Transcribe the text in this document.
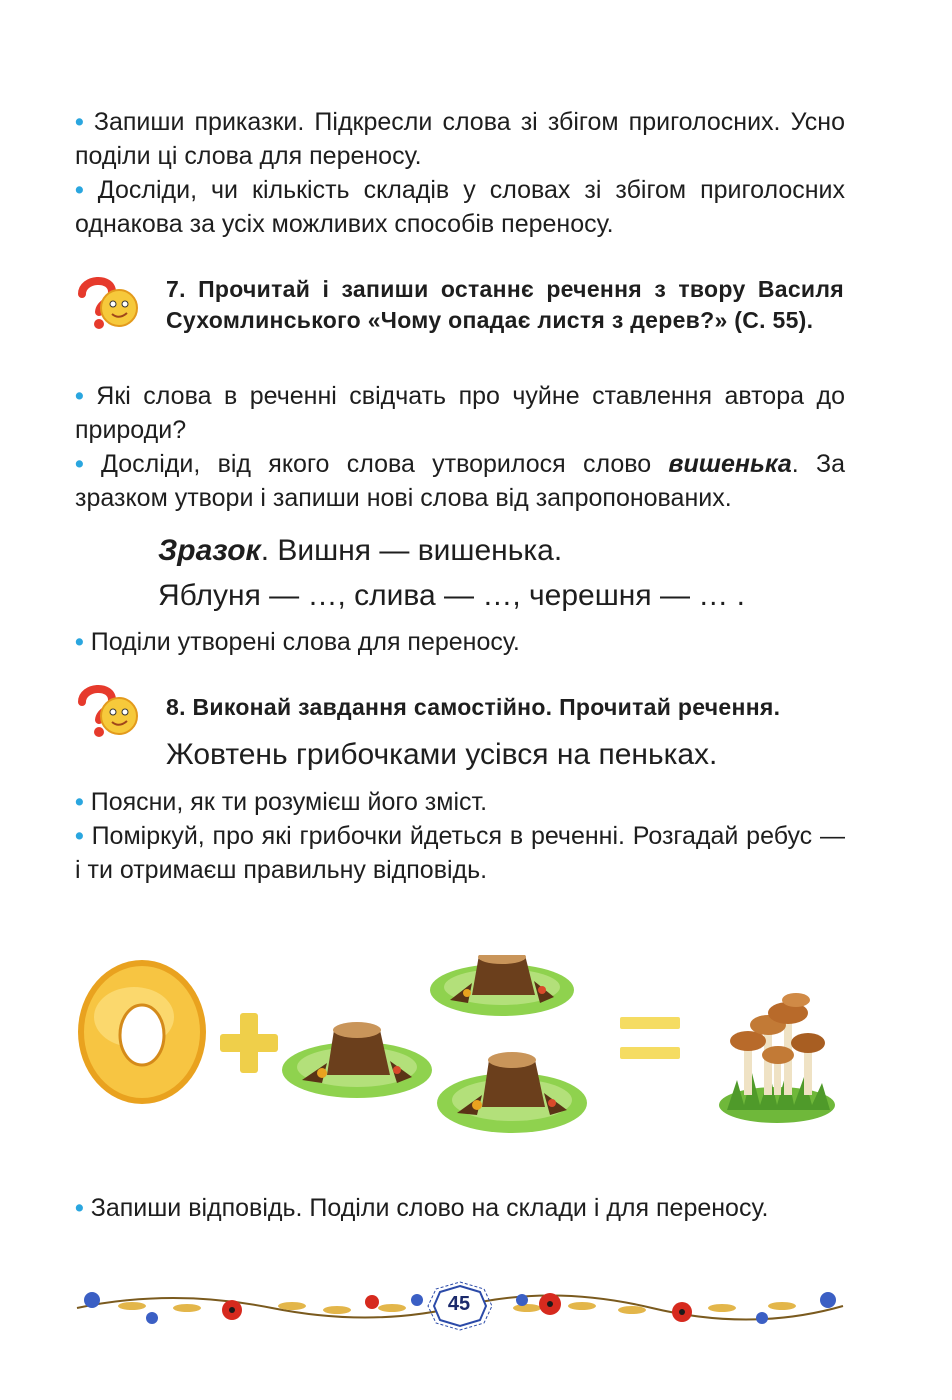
• Запиши приказки. Підкресли слова зі збігом приголосних. Усно поділи ці слова для переносу.
• Досліди, чи кількість складів у словах зі збігом приголосних однакова за усіх можливих способів переносу.
7. Прочитай і запиши останнє речення з твору Василя Сухомлинського «Чому опадає листя з дерев?» (С. 55).
• Які слова в реченні свідчать про чуйне ставлення автора до природи?
• Досліди, від якого слова утворилося слово вишенька. За зразком утвори і запиши нові слова від запропонованих.
Зразок. Вишня — вишенька.
Яблуня — …, слива — …, черешня — … .
• Поділи утворені слова для переносу.
8. Виконай завдання самостійно. Прочитай речення.
Жовтень грибочками усівся на пеньках.
• Поясни, як ти розумієш його зміст.
• Поміркуй, про які грибочки йдеться в реченні. Розгадай ребус — і ти отримаєш правильну відповідь.
• Запиши відповідь. Поділи слово на склади і для переносу.
45
